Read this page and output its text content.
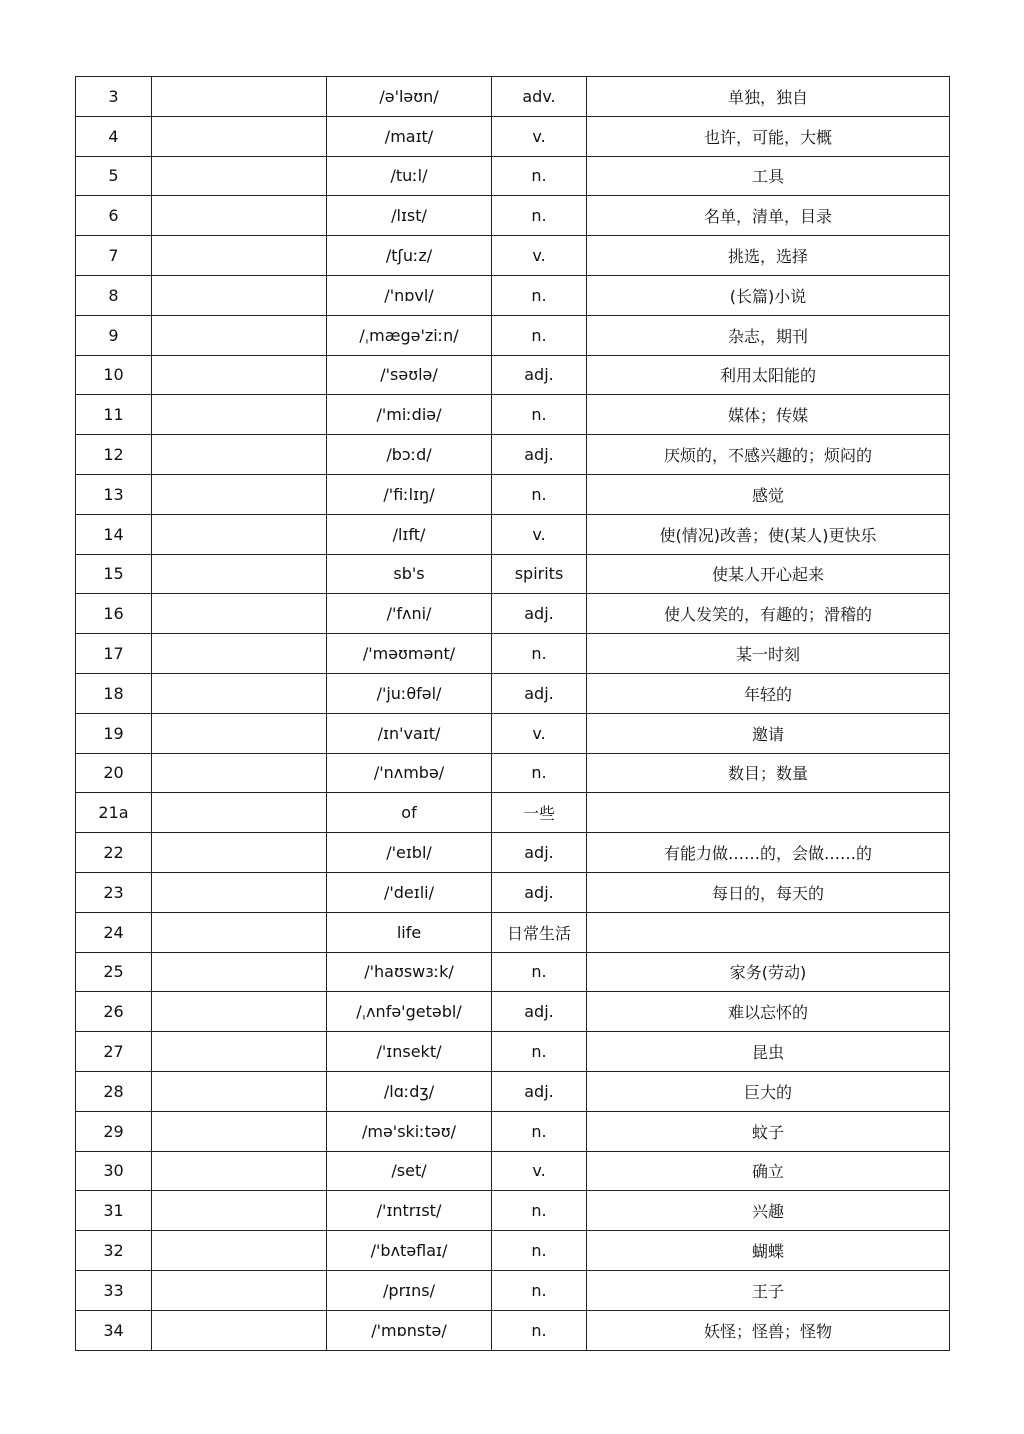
3		/ə'ləʊn/	adv.	单独，独自
4		/maɪt/	v.	也许，可能，大概
5		/tuːl/	n.	工具
6		/lɪst/	n.	名单，清单，目录
7		/tʃuːz/	v.	挑选，选择
8		/'nɒvl/	n.	(长篇)小说
9		/ˌmægə'ziːn/	n.	杂志，期刊
10		/'səʊlə/	adj.	利用太阳能的
11		/'miːdiə/	n.	媒体；传媒
12		/bɔːd/	adj.	厌烦的，不感兴趣的；烦闷的
13		/'fiːlɪŋ/	n.	感觉
14		/lɪft/	v.	使(情况)改善；使(某人)更快乐
15		sb's	spirits	使某人开心起来
16		/'fʌni/	adj.	使人发笑的，有趣的；滑稽的
17		/'məʊmənt/	n.	某一时刻
18		/'juːθfəl/	adj.	年轻的
19		/ɪn'vaɪt/	v.	邀请
20		/'nʌmbə/	n.	数目；数量
21a		of	一些	
22		/'eɪbl/	adj.	有能力做……的，会做……的
23		/'deɪli/	adj.	每日的，每天的
24		life	日常生活	
25		/'haʊswɜːk/	n.	家务(劳动)
26		/ˌʌnfə'getəbl/	adj.	难以忘怀的
27		/'ɪnsekt/	n.	昆虫
28		/lɑːdʒ/	adj.	巨大的
29		/mə'skiːtəʊ/	n.	蚊子
30		/set/	v.	确立
31		/'ɪntrɪst/	n.	兴趣
32		/'bʌtəflaɪ/	n.	蝴蝶
33		/prɪns/	n.	王子
34		/'mɒnstə/	n.	妖怪；怪兽；怪物
